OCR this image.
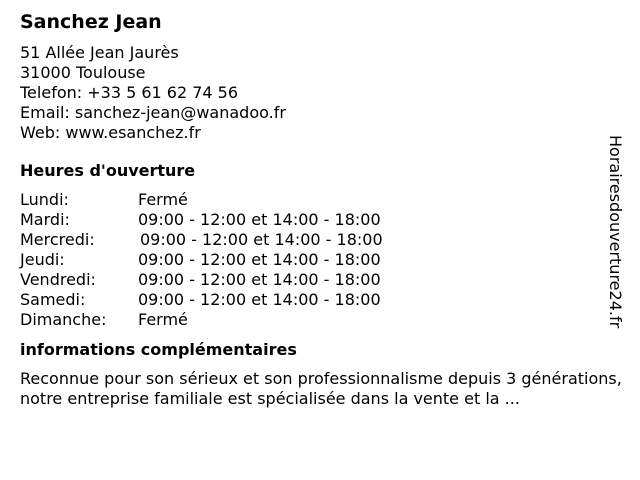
Sanchez Jean
51 Allée Jean Jaurès
31000 Toulouse
Telefon: +33 5 61 62 74 56
Email: sanchez-jean@wanadoo.fr
Web: www.esanchez.fr
Heures d'ouverture
Lundi:	Fermé
Mardi:	09:00 - 12:00 et 14:00 - 18:00
Mercredi:	09:00 - 12:00 et 14:00 - 18:00
Jeudi:	09:00 - 12:00 et 14:00 - 18:00
Vendredi:	09:00 - 12:00 et 14:00 - 18:00
Samedi:	09:00 - 12:00 et 14:00 - 18:00
Dimanche:	Fermé
informations complémentaires
Reconnue pour son sérieux et son professionnalisme depuis 3 générations, notre entreprise familiale est spécialisée dans la vente et la ...
Horairesdouverture24.fr
